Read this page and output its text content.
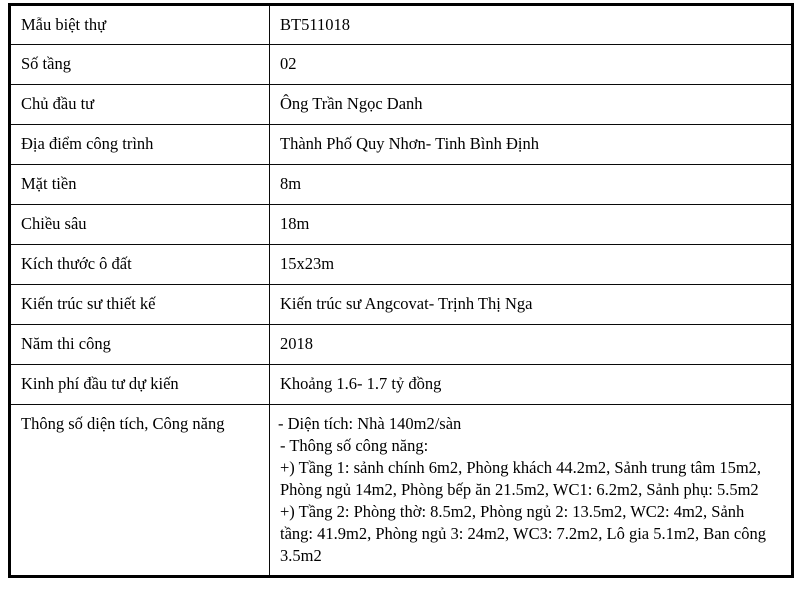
Mẫu biệt thự	BT511018
Số tầng	02
Chủ đầu tư	Ông Trần Ngọc Danh
Địa điểm công trình	Thành Phố Quy Nhơn- Tinh Bình Định
Mặt tiền	8m
Chiều sâu	18m
Kích thước ô đất	15x23m
Kiến trúc sư thiết kế	Kiến trúc sư Angcovat- Trịnh Thị Nga
Năm thi công	2018
Kinh phí đầu tư dự kiến	Khoảng 1.6- 1.7 tỷ đồng
Thông số diện tích, Công năng	- Diện tích: Nhà 140m2/sàn
- Thông số công năng:
+) Tầng 1: sảnh chính 6m2, Phòng khách 44.2m2, Sảnh trung tâm 15m2, Phòng ngủ 14m2, Phòng bếp ăn 21.5m2, WC1: 6.2m2, Sảnh phụ: 5.5m2
+) Tầng 2: Phòng thờ: 8.5m2, Phòng ngủ 2: 13.5m2, WC2: 4m2, Sảnh tầng: 41.9m2, Phòng ngủ 3: 24m2, WC3: 7.2m2, Lô gia 5.1m2, Ban công 3.5m2
